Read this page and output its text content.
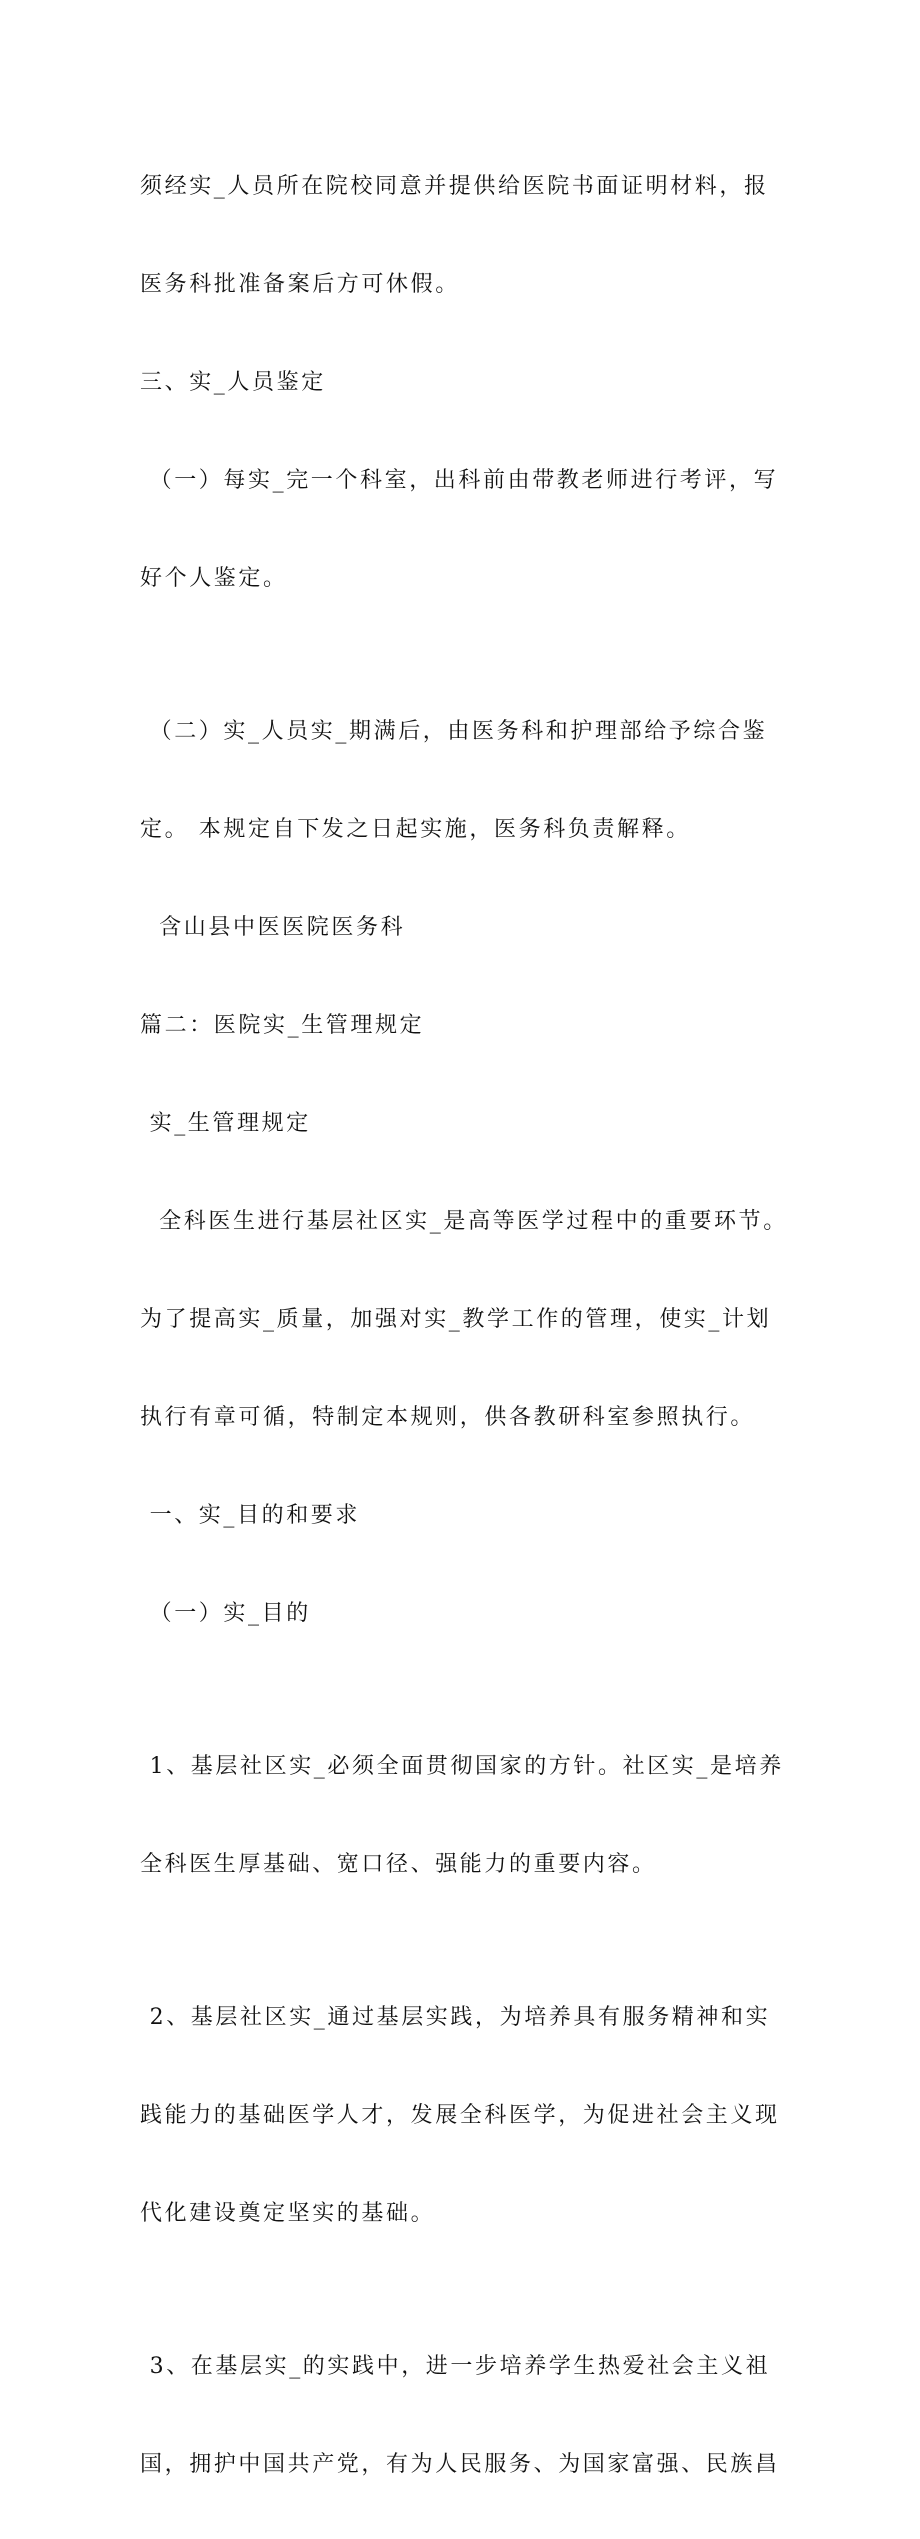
须经实_人员所在院校同意并提供给医院书面证明材料，报

医务科批准备案后方可休假。

三、实_人员鉴定

（一）每实_完一个科室，出科前由带教老师进行考评，写

好个人鉴定。

（二）实_人员实_期满后，由医务科和护理部给予综合鉴

定。 本规定自下发之日起实施，医务科负责解释。

含山县中医医院医务科

篇二：医院实_生管理规定

实_生管理规定

全科医生进行基层社区实_是高等医学过程中的重要环节。

为了提高实_质量，加强对实_教学工作的管理，使实_计划

执行有章可循，特制定本规则，供各教研科室参照执行。

一、实_目的和要求

（一）实_目的

1、基层社区实_必须全面贯彻国家的方针。社区实_是培养

全科医生厚基础、宽口径、强能力的重要内容。

2、基层社区实_通过基层实践，为培养具有服务精神和实

践能力的基础医学人才，发展全科医学，为促进社会主义现

代化建设奠定坚实的基础。

3、在基层实_的实践中，进一步培养学生热爱社会主义祖

国，拥护中国共产党，有为人民服务、为国家富强、民族昌
